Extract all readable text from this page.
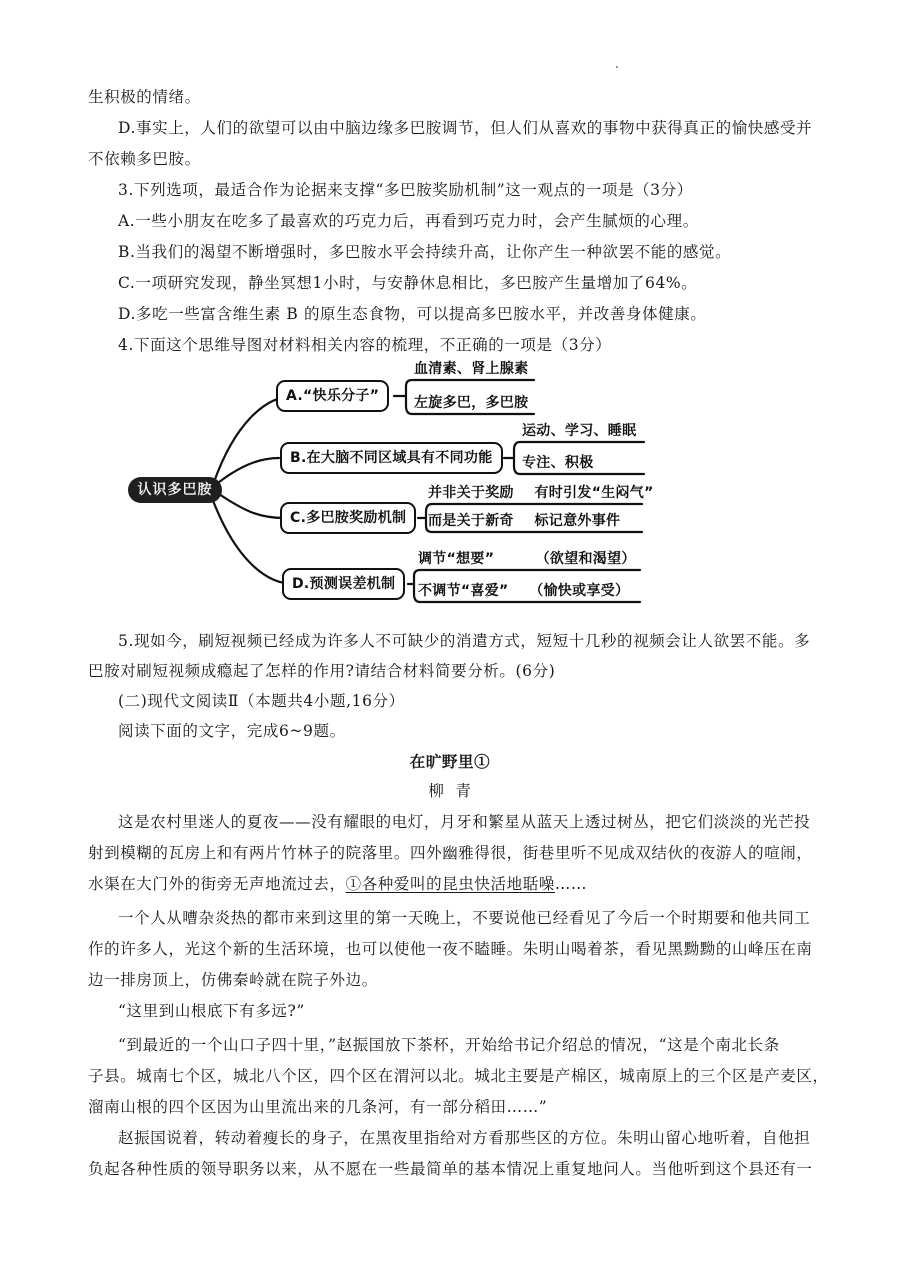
生积极的情绪。
D.事实上，人们的欲望可以由中脑边缘多巴胺调节，但人们从喜欢的事物中获得真正的愉快感受并
不依赖多巴胺。
3.下列选项，最适合作为论据来支撑“多巴胺奖励机制”这一观点的一项是（3分）
A.一些小朋友在吃多了最喜欢的巧克力后，再看到巧克力时，会产生腻烦的心理。
B.当我们的渴望不断增强时，多巴胺水平会持续升高，让你产生一种欲罢不能的感觉。
C.一项研究发现，静坐冥想1小时，与安静休息相比，多巴胺产生量增加了64%。
D.多吃一些富含维生素 B 的原生态食物，可以提高多巴胺水平，并改善身体健康。
4.下面这个思维导图对材料相关内容的梳理，不正确的一项是（3分）
认识多巴胺
A.“快乐分子”
血清素、肾上腺素
左旋多巴，多巴胺
B.在大脑不同区域具有不同功能
运动、学习、睡眠
专注、积极
C.多巴胺奖励机制
并非关于奖励    有时引发“生闷气”
而是关于新奇    标记意外事件
D.预测误差机制
调节“想要”        （欲望和渴望）
不调节“喜爱”    （愉快或享受）
5.现如今，刷短视频已经成为许多人不可缺少的消遣方式，短短十几秒的视频会让人欲罢不能。多
巴胺对刷短视频成瘾起了怎样的作用?请结合材料简要分析。(6分)
(二)现代文阅读Ⅱ（本题共4小题,16分）
阅读下面的文字，完成6~9题。
在旷野里①
柳  青
这是农村里迷人的夏夜——没有耀眼的电灯，月牙和繁星从蓝天上透过树丛，把它们淡淡的光芒投
射到模糊的瓦房上和有两片竹林子的院落里。四外幽雅得很，街巷里听不见成双结伙的夜游人的喧闹，
水渠在大门外的街旁无声地流过去，①各种爱叫的昆虫快活地聒噪……
一个人从嘈杂炎热的都市来到这里的第一天晚上，不要说他已经看见了今后一个时期要和他共同工
作的许多人，光这个新的生活环境，也可以使他一夜不瞌睡。朱明山喝着茶，看见黑黝黝的山峰压在南
边一排房顶上，仿佛秦岭就在院子外边。
“这里到山根底下有多远?”
“到最近的一个山口子四十里，”赵振国放下茶杯，开始给书记介绍总的情况，“这是个南北长条
子县。城南七个区，城北八个区，四个区在渭河以北。城北主要是产棉区，城南原上的三个区是产麦区，
溜南山根的四个区因为山里流出来的几条河，有一部分稻田……”
赵振国说着，转动着瘦长的身子，在黑夜里指给对方看那些区的方位。朱明山留心地听着，自他担
负起各种性质的领导职务以来，从不愿在一些最简单的基本情况上重复地问人。当他听到这个县还有一
